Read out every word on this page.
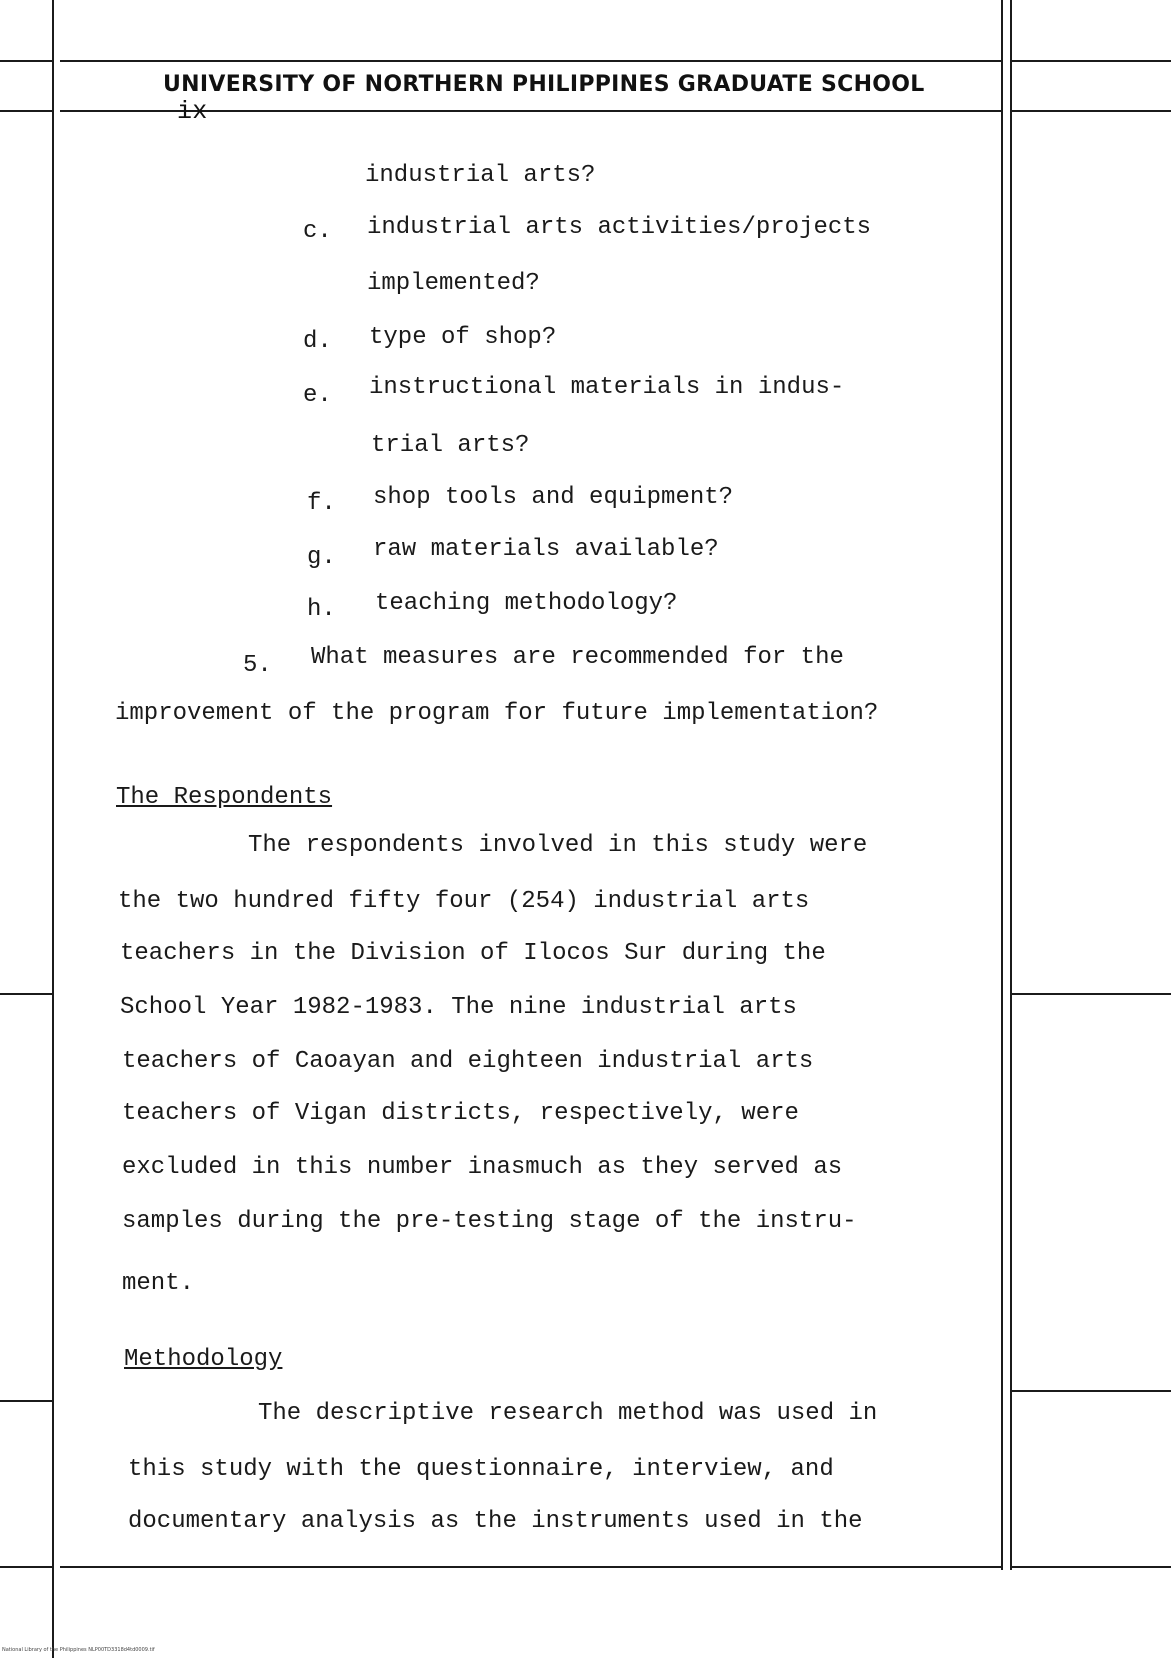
UNIVERSITY OF NORTHERN PHILIPPINES GRADUATE SCHOOL ix
industrial arts?
c. industrial arts activities/projects
implemented?
d. type of shop?
e. instructional materials in indus-
trial arts?
f. shop tools and equipment?
g. raw materials available?
h. teaching methodology?
5. What measures are recommended for the
improvement of the program for future implementation?
The Respondents
The respondents involved in this study were
the two hundred fifty four (254) industrial arts
teachers in the Division of Ilocos Sur during the
School Year 1982-1983. The nine industrial arts
teachers of Caoayan and eighteen industrial arts
teachers of Vigan districts, respectively, were
excluded in this number inasmuch as they served as
samples during the pre-testing stage of the instru-
ment.
Methodology
The descriptive research method was used in
this study with the questionnaire, interview, and
documentary analysis as the instruments used in the
National Library of the Philippines NLP00TD3318d4td0009.tif
